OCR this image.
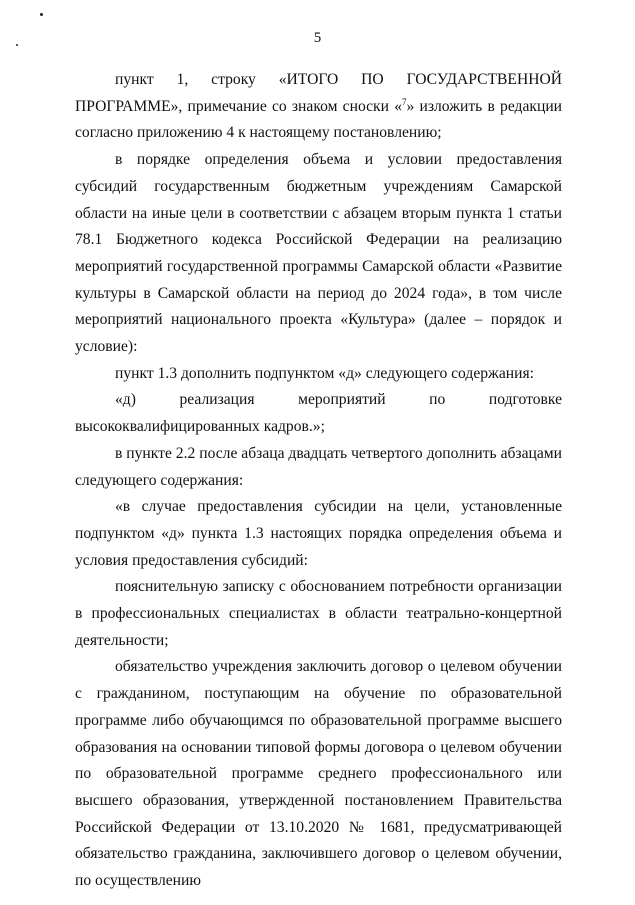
5

пункт 1, строку «ИТОГО ПО ГОСУДАРСТВЕННОЙ ПРОГРАММЕ», примечание со знаком сноски «$^7$» изложить в редакции согласно приложению 4 к настоящему постановлению;

в порядке определения объема и условии предоставления субсидий государственным бюджетным учреждениям Самарской области на иные цели в соответствии с абзацем вторым пункта 1 статьи 78.1 Бюджетного кодекса Российской Федерации на реализацию мероприятий государственной программы Самарской области «Развитие культуры в Самарской области на период до 2024 года», в том числе мероприятий национального проекта «Культура» (далее – порядок и условие):

пункт 1.3 дополнить подпунктом «д» следующего содержания:

«д) реализация мероприятий по подготовке высококвалифицированных кадров.»;

в пункте 2.2 после абзаца двадцать четвертого дополнить абзацами следующего содержания:

«в случае предоставления субсидии на цели, установленные подпунктом «д» пункта 1.3 настоящих порядка определения объема и условия предоставления субсидий:

пояснительную записку с обоснованием потребности организации в профессиональных специалистах в области театрально-концертной деятельности;

обязательство учреждения заключить договор о целевом обучении с гражданином, поступающим на обучение по образовательной программе либо обучающимся по образовательной программе высшего образования на основании типовой формы договора о целевом обучении по образовательной программе среднего профессионального или высшего образования, утвержденной постановлением Правительства Российской Федерации от 13.10.2020 № 1681, предусматривающей обязательство гражданина, заключившего договор о целевом обучении, по осуществлению
